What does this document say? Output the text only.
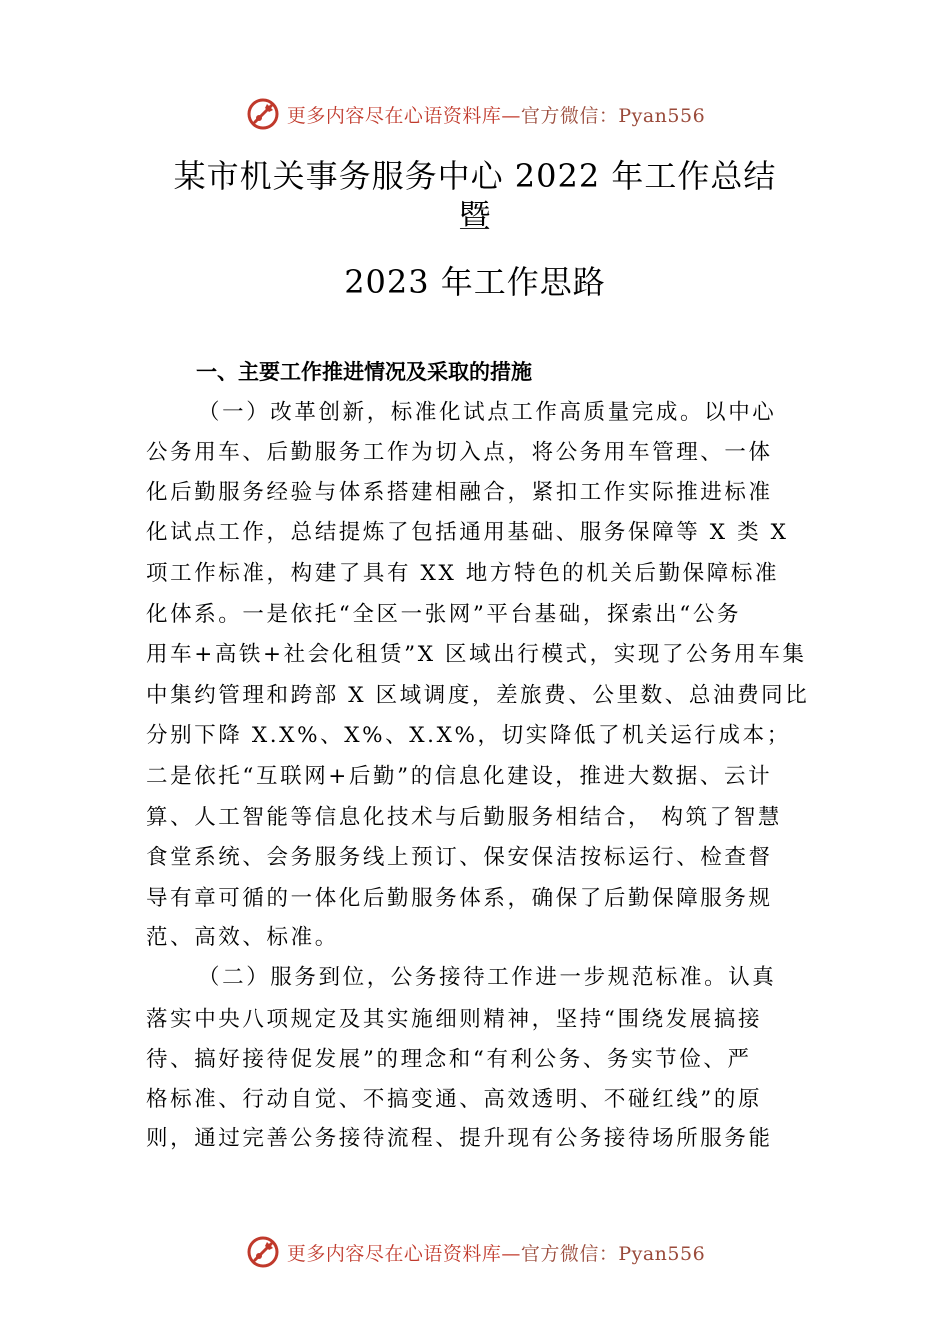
更多内容尽在心语资料库—官方微信：Pyan556
某市机关事务服务中心 2022 年工作总结
暨
2023 年工作思路
一、主要工作推进情况及采取的措施
（一）改革创新，标准化试点工作高质量完成。以中心
公务用车、后勤服务工作为切入点，将公务用车管理、一体
化后勤服务经验与体系搭建相融合，紧扣工作实际推进标准
化试点工作，总结提炼了包括通用基础、服务保障等 X 类 X
项工作标准，构建了具有 XX 地方特色的机关后勤保障标准
化体系。一是依托“全区一张网”平台基础，探索出“公务
用车+高铁+社会化租赁”X 区域出行模式，实现了公务用车集
中集约管理和跨部 X 区域调度，差旅费、公里数、总油费同比
分别下降 X.X%、X%、X.X%，切实降低了机关运行成本；
二是依托“互联网+后勤”的信息化建设，推进大数据、云计
算、人工智能等信息化技术与后勤服务相结合， 构筑了智慧
食堂系统、会务服务线上预订、保安保洁按标运行、检查督
导有章可循的一体化后勤服务体系，确保了后勤保障服务规
范、高效、标准。
（二）服务到位，公务接待工作进一步规范标准。认真
落实中央八项规定及其实施细则精神，坚持“围绕发展搞接
待、搞好接待促发展”的理念和“有利公务、务实节俭、严
格标准、行动自觉、不搞变通、高效透明、不碰红线”的原
则，通过完善公务接待流程、提升现有公务接待场所服务能
更多内容尽在心语资料库—官方微信：Pyan556
